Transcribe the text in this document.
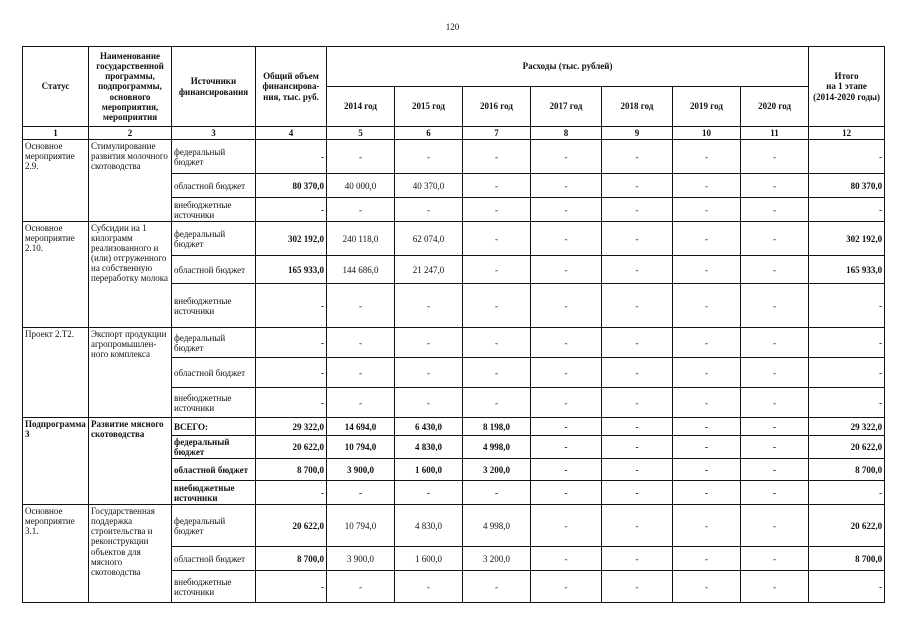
120
Статус	Наименование государственной программы, подпрограммы, основного мероприятия, мероприятия	Источники финансирования	Общий объем финансирова-ния, тыс. руб.	Расходы (тыс. рублей)							Итого
на 1 этапе
(2014-2020 годы)
				2014 год	2015 год	2016 год	2017 год	2018 год	2019 год	2020 год	
1	2	3	4	5	6	7	8	9	10	11	12
Основное мероприятие 2.9.	Стимулирование развития молочного скотоводства	федеральный бюджет	-	-	-	-	-	-	-	-	-
		областной бюджет	80 370,0	40 000,0	40 370,0	-	-	-	-	-	80 370,0
		внебюджетные источники	-	-	-	-	-	-	-	-	-
Основное мероприятие 2.10.	Субсидии на 1 килограмм реализованного и (или) отгруженного на собственную переработку молока	федеральный бюджет	302 192,0	240 118,0	62 074,0	-	-	-	-	-	302 192,0
		областной бюджет	165 933,0	144 686,0	21 247,0	-	-	-	-	-	165 933,0
		внебюджетные источники	-	-	-	-	-	-	-	-	-
Проект 2.Т2.	Экспорт продукции агропромышлен-ного комплекса	федеральный бюджет	-	-	-	-	-	-	-	-	-
		областной бюджет	-	-	-	-	-	-	-	-	-
		внебюджетные источники	-	-	-	-	-	-	-	-	-
Подпрограмма 3	Развитие мясного скотоводства	ВСЕГО:	29 322,0	14 694,0	6 430,0	8 198,0	-	-	-	-	29 322,0
		федеральный бюджет	20 622,0	10 794,0	4 830,0	4 998,0	-	-	-	-	20 622,0
		областной бюджет	8 700,0	3 900,0	1 600,0	3 200,0	-	-	-	-	8 700,0
		внебюджетные источники	-	-	-	-	-	-	-	-	-
Основное мероприятие 3.1.	Государственная поддержка строительства и реконструкции объектов для мясного скотоводства	федеральный бюджет	20 622,0	10 794,0	4 830,0	4 998,0	-	-	-	-	20 622,0
		областной бюджет	8 700,0	3 900,0	1 600,0	3 200,0	-	-	-	-	8 700,0
		внебюджетные источники	-	-	-	-	-	-	-	-	-
